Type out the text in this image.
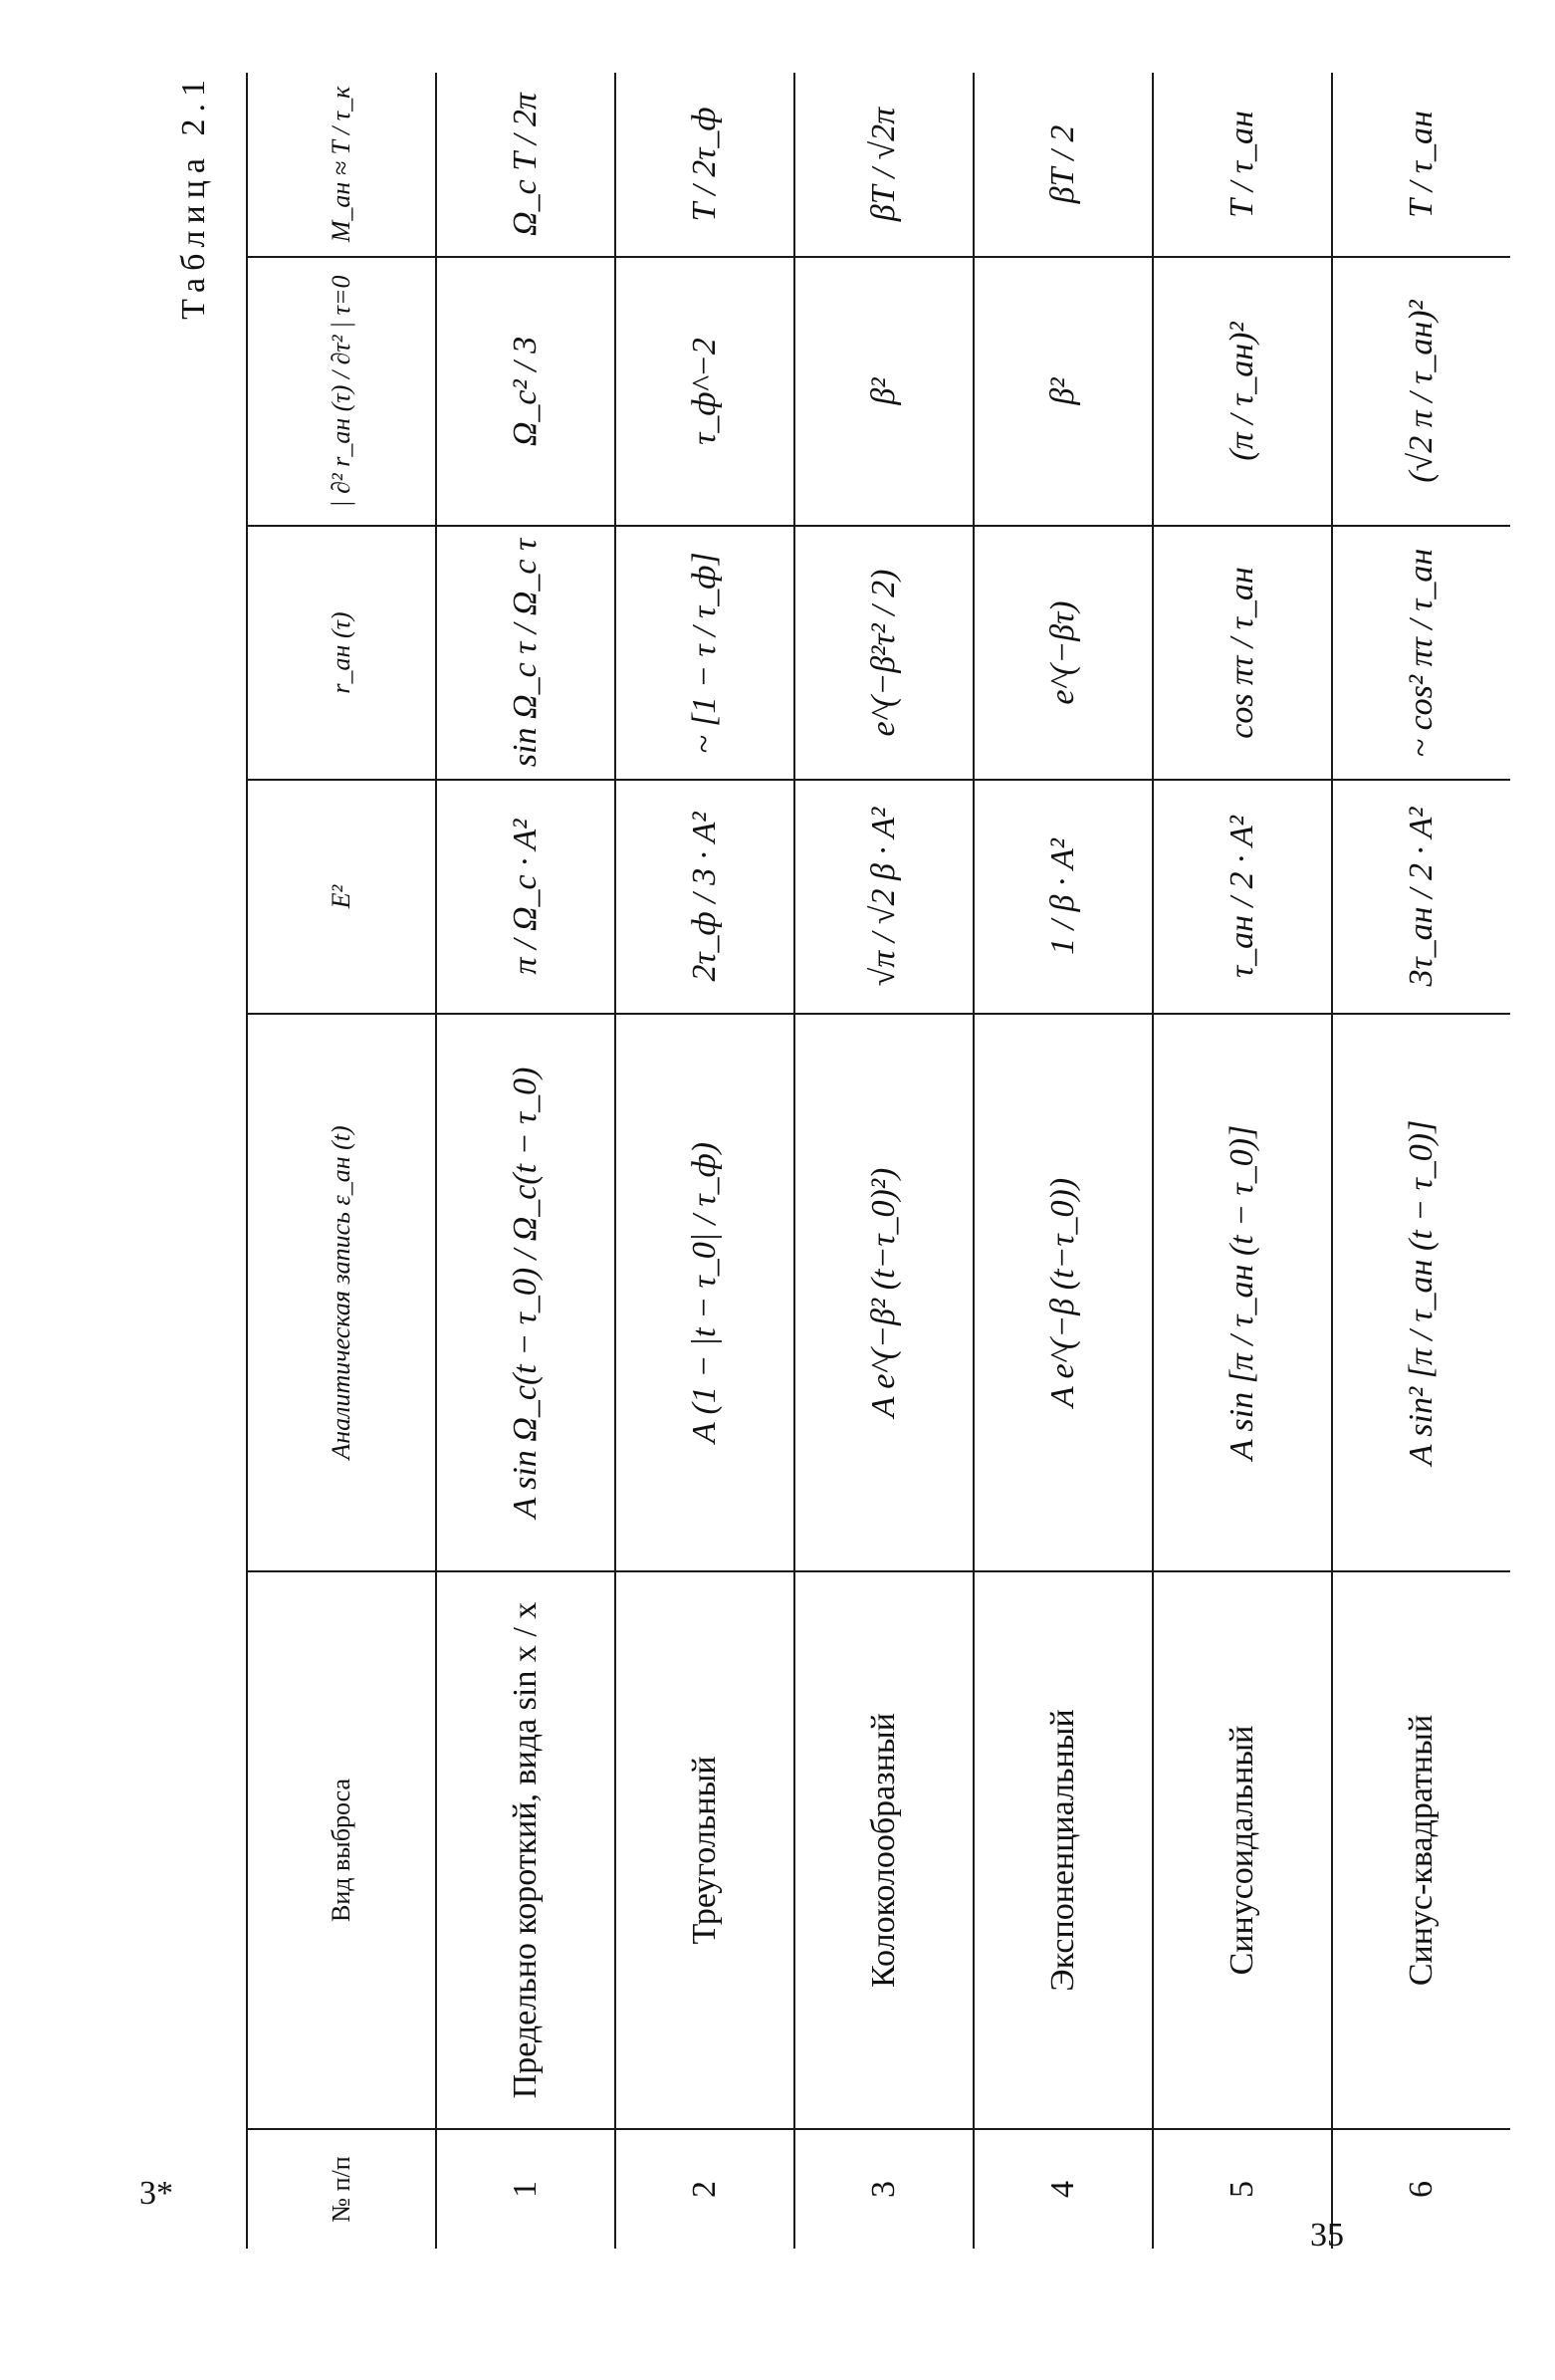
Таблица 2.1
№ п/п	Вид выброса	Аналитическая запись ε_ан (t)	E²	r_ан (τ)	| ∂² r_ан (τ) / ∂τ² | τ=0	M_ан ≈ T / τ_к
1	Предельно короткий, вида sin x / x	A sin Ω_c(t − τ_0) / Ω_c(t − τ_0)	π / Ω_c · A²	sin Ω_c τ / Ω_c τ	Ω_c² / 3	Ω_c T / 2π
2	Треугольный	A (1 − |t − τ_0| / τ_ф)	2τ_ф / 3 · A²	~ [1 − τ / τ_ф]	τ_ф^−2	T / 2τ_ф
3	Колоколообразный	A e^(−β² (t−τ_0)²)	√π / √2 β · A²	e^(−β²τ² / 2)	β²	βT / √2π
4	Экспоненциальный	A e^(−β (t−τ_0))	1 / β · A²	e^(−βτ)	β²	βT / 2
5	Синусоидальный	A sin [π / τ_ан (t − τ_0)]	τ_ан / 2 · A²	cos πτ / τ_ан	(π / τ_ан)²	T / τ_ан
6	Синус-квадратный	A sin² [π / τ_ан (t − τ_0)]	3τ_ан / 2 · A²	~ cos² πτ / τ_ан	(√2 π / τ_ан)²	T / τ_ан
3*
35
